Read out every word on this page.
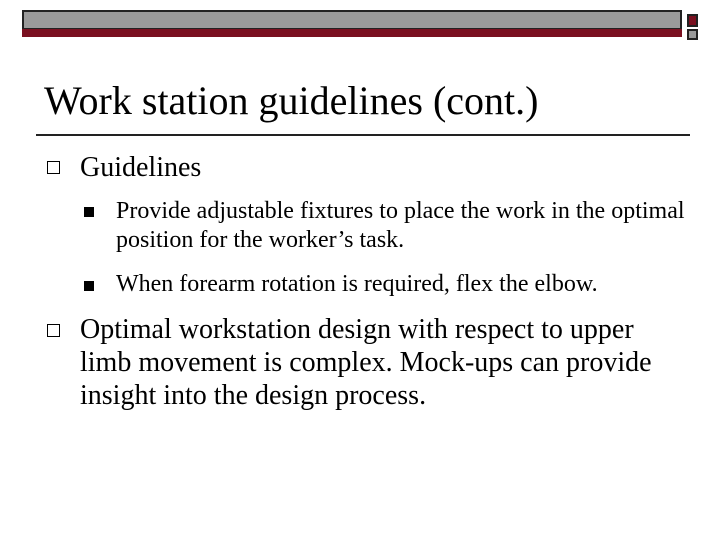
Work station guidelines (cont.)
Guidelines
Provide adjustable fixtures to place the work in the optimal position for the worker’s task.
When forearm rotation is required, flex the elbow.
Optimal workstation design with respect to upper limb movement is complex. Mock-ups can provide insight into the design process.
